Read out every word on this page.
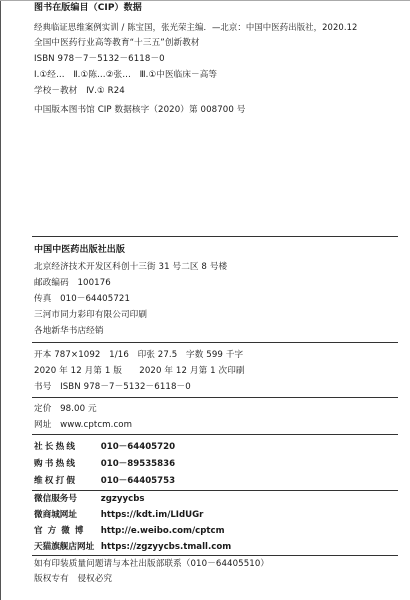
图书在版编目（CIP）数据
经典临证思维案例实训 / 陈宝国，张光荣主编．—北京：中国中医药出版社，2020.12
全国中医药行业高等教育“十三五”创新教材
ISBN 978－7－5132－6118－0
Ⅰ.①经…　Ⅱ.①陈…②张…　Ⅲ.①中医临床－高等
学校－教材　Ⅳ.① R24
中国版本图书馆 CIP 数据核字（2020）第 008700 号
中国中医药出版社出版
北京经济技术开发区科创十三街 31 号二区 8 号楼
邮政编码　100176
传真　010－64405721
三河市同力彩印有限公司印刷
各地新华书店经销
开本 787×1092　1/16　印张 27.5　字数 599 千字
2020 年 12 月第 1 版　　2020 年 12 月第 1 次印刷
书号　ISBN 978－7－5132－6118－0
定价　98.00 元
网址　www.cptcm.com
社长热线	010－64405720
购书热线	010－89535836
维权打假	010－64405753
微信服务号	zgzyycbs
微商城网址	https://kdt.im/LIdUGr
官方微博 http://e.weibo.com/cptcm
天猫旗舰店网址 https://zgzyycbs.tmall.com
如有印装质量问题请与本社出版部联系（010－64405510）
版权专有　侵权必究
